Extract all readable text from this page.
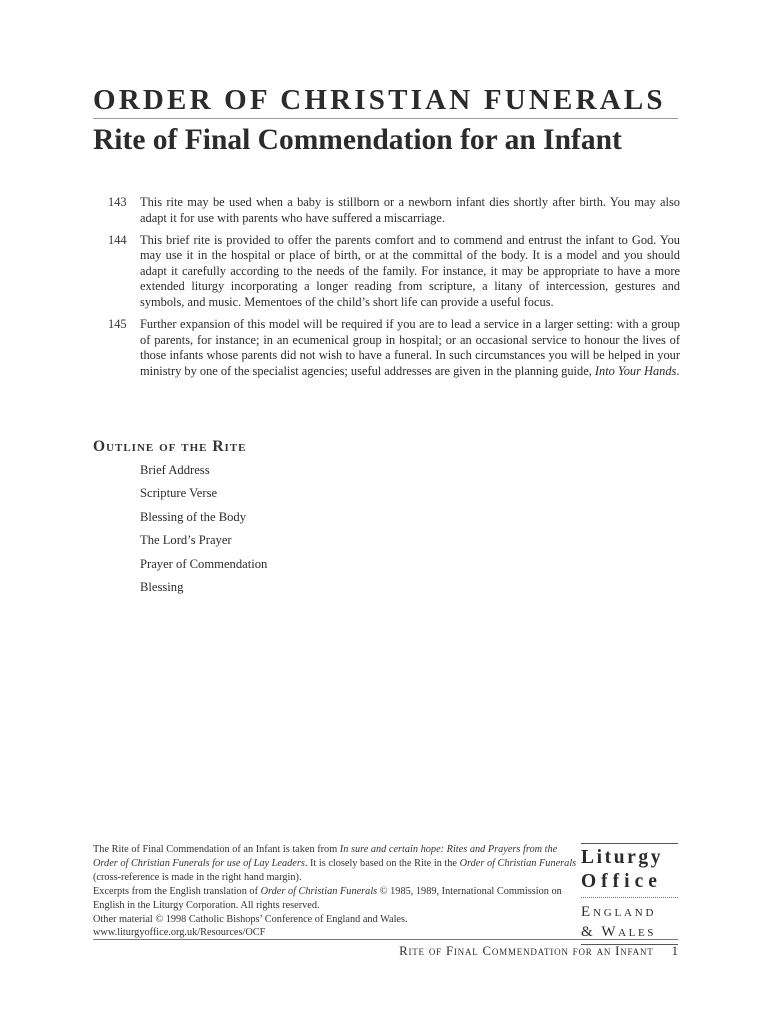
ORDER OF CHRISTIAN FUNERALS
Rite of Final Commendation for an Infant
143	This rite may be used when a baby is stillborn or a newborn infant dies shortly after birth. You may also adapt it for use with parents who have suffered a miscarriage.
144	This brief rite is provided to offer the parents comfort and to commend and entrust the infant to God. You may use it in the hospital or place of birth, or at the committal of the body. It is a model and you should adapt it carefully according to the needs of the family. For instance, it may be appropriate to have a more extended liturgy incorporating a longer reading from scripture, a litany of intercession, gestures and symbols, and music. Mementoes of the child’s short life can provide a useful focus.
145	Further expansion of this model will be required if you are to lead a service in a larger setting: with a group of parents, for instance; in an ecumenical group in hospital; or an occasional service to honour the lives of those infants whose parents did not wish to have a funeral. In such circumstances you will be helped in your ministry by one of the specialist agencies; useful addresses are given in the planning guide, Into Your Hands.
Outline of the Rite
Brief Address
Scripture Verse
Blessing of the Body
The Lord’s Prayer
Prayer of Commendation
Blessing

The Rite of Final Commendation of an Infant is taken from In sure and certain hope: Rites and Prayers from the Order of Christian Funerals for use of Lay Leaders. It is closely based on the Rite in the Order of Christian Funerals (cross-reference is made in the right hand margin).

Excerpts from the English translation of Order of Christian Funerals © 1985, 1989, International Commission on English in the Liturgy Corporation. All rights reserved.

Other material © 1998 Catholic Bishops’ Conference of England and Wales.

www.liturgyoffice.org.uk/Resources/OCF

Liturgy
Office
England
& Wales
Rite of Final Commendation for an Infant 1
